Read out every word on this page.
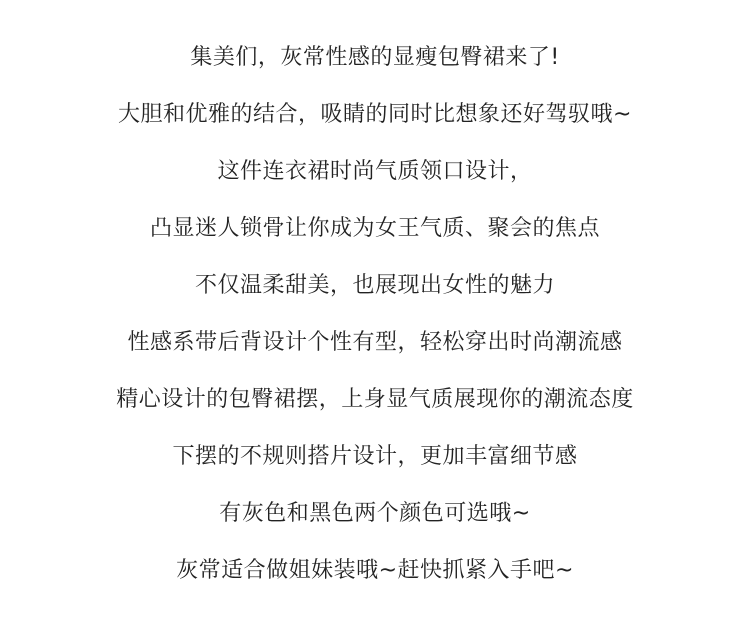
集美们，灰常性感的显瘦包臀裙来了!
大胆和优雅的结合，吸睛的同时比想象还好驾驭哦~
这件连衣裙时尚气质领口设计，
凸显迷人锁骨让你成为女王气质、聚会的焦点
不仅温柔甜美，也展现出女性的魅力
性感系带后背设计个性有型，轻松穿出时尚潮流感
精心设计的包臀裙摆，上身显气质展现你的潮流态度
下摆的不规则搭片设计，更加丰富细节感
有灰色和黑色两个颜色可选哦~
灰常适合做姐妹装哦~赶快抓紧入手吧~
